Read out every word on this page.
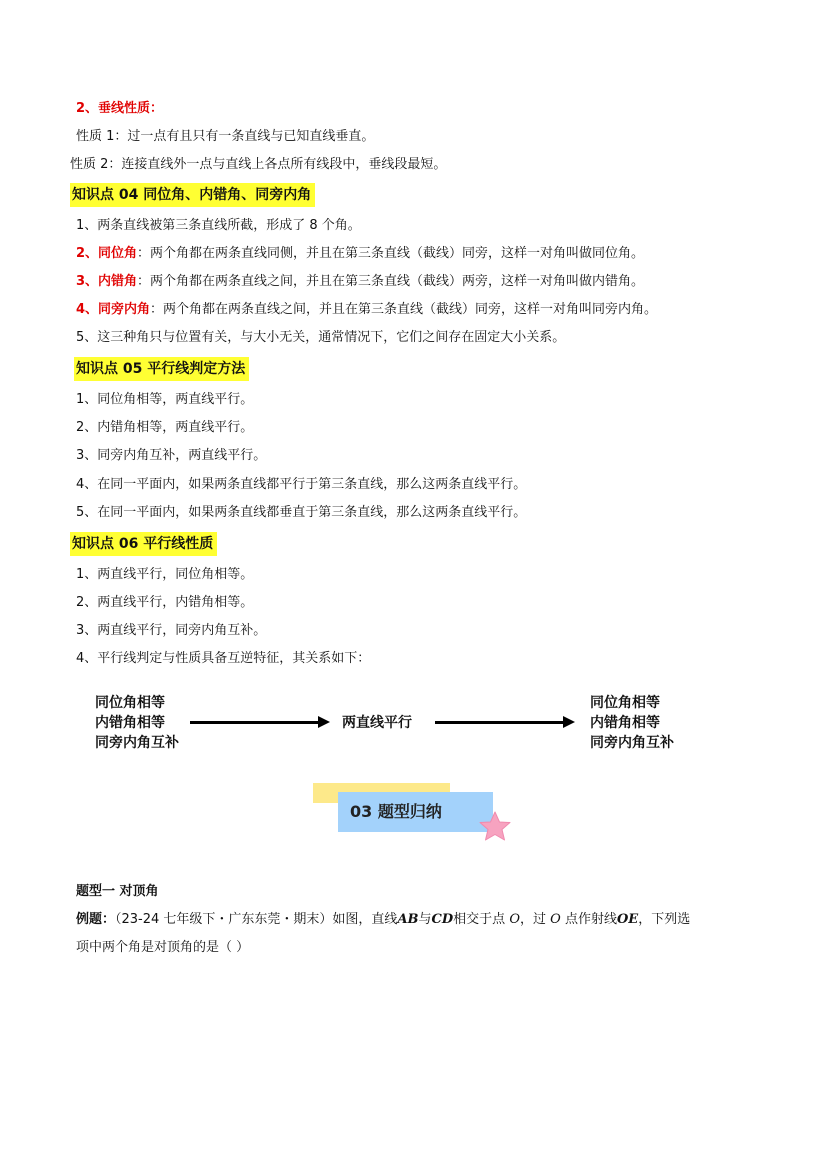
2、垂线性质：
性质 1：过一点有且只有一条直线与已知直线垂直。
性质 2：连接直线外一点与直线上各点所有线段中，垂线段最短。
知识点 04 同位角、内错角、同旁内角
1、两条直线被第三条直线所截，形成了 8 个角。
2、同位角：两个角都在两条直线同侧，并且在第三条直线（截线）同旁，这样一对角叫做同位角。
3、内错角：两个角都在两条直线之间，并且在第三条直线（截线）两旁，这样一对角叫做内错角。
4、同旁内角：两个角都在两条直线之间，并且在第三条直线（截线）同旁，这样一对角叫同旁内角。
5、这三种角只与位置有关，与大小无关，通常情况下，它们之间存在固定大小关系。
知识点 05 平行线判定方法
1、同位角相等，两直线平行。
2、内错角相等，两直线平行。
3、同旁内角互补，两直线平行。
4、在同一平面内，如果两条直线都平行于第三条直线，那么这两条直线平行。
5、在同一平面内，如果两条直线都垂直于第三条直线，那么这两条直线平行。
知识点 06 平行线性质
1、两直线平行，同位角相等。
2、两直线平行，内错角相等。
3、两直线平行，同旁内角互补。
4、平行线判定与性质具备互逆特征，其关系如下：
同位角相等
内错角相等
同旁内角互补
两直线平行
同位角相等
内错角相等
同旁内角互补
03 题型归纳
题型一 对顶角
例题：（23-24 七年级下・广东东莞・期末）如图，直线AB与CD相交于点 O，过 O 点作射线OE，下列选
项中两个角是对顶角的是（ ）
